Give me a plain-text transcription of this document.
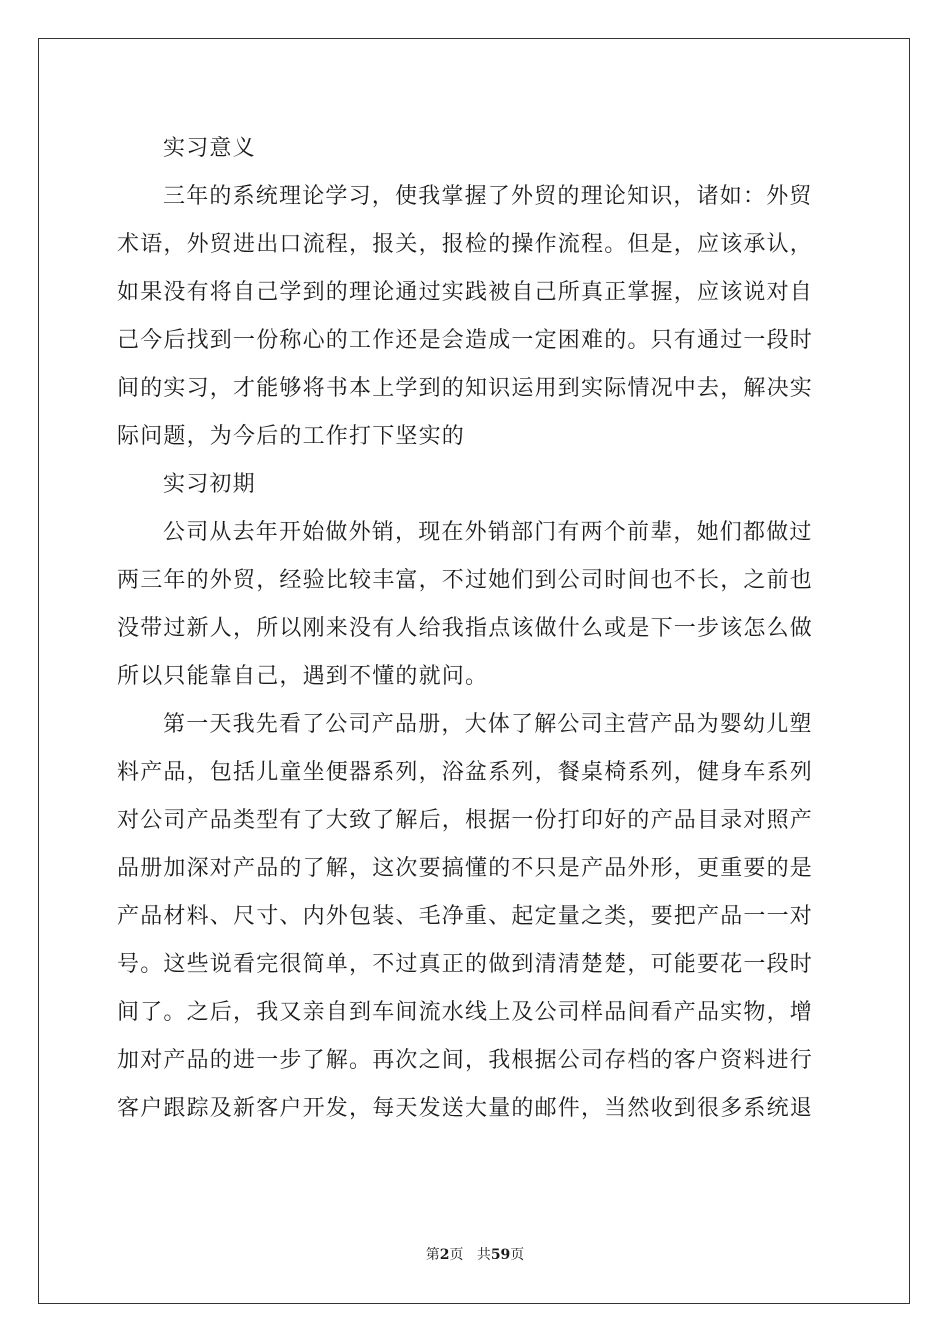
实习意义
三年的系统理论学习，使我掌握了外贸的理论知识，诸如：外贸
术语，外贸进出口流程，报关，报检的操作流程。但是，应该承认，
如果没有将自己学到的理论通过实践被自己所真正掌握，应该说对自
己今后找到一份称心的工作还是会造成一定困难的。只有通过一段时
间的实习，才能够将书本上学到的知识运用到实际情况中去，解决实
际问题，为今后的工作打下坚实的
实习初期
公司从去年开始做外销，现在外销部门有两个前辈，她们都做过
两三年的外贸，经验比较丰富，不过她们到公司时间也不长，之前也
没带过新人，所以刚来没有人给我指点该做什么或是下一步该怎么做
所以只能靠自己，遇到不懂的就问。
第一天我先看了公司产品册，大体了解公司主营产品为婴幼儿塑
料产品，包括儿童坐便器系列，浴盆系列，餐桌椅系列，健身车系列
对公司产品类型有了大致了解后，根据一份打印好的产品目录对照产
品册加深对产品的了解，这次要搞懂的不只是产品外形，更重要的是
产品材料、尺寸、内外包装、毛净重、起定量之类，要把产品一一对
号。这些说看完很简单，不过真正的做到清清楚楚，可能要花一段时
间了。之后，我又亲自到车间流水线上及公司样品间看产品实物，增
加对产品的进一步了解。再次之间，我根据公司存档的客户资料进行
客户跟踪及新客户开发，每天发送大量的邮件，当然收到很多系统退
第2页 共59页
